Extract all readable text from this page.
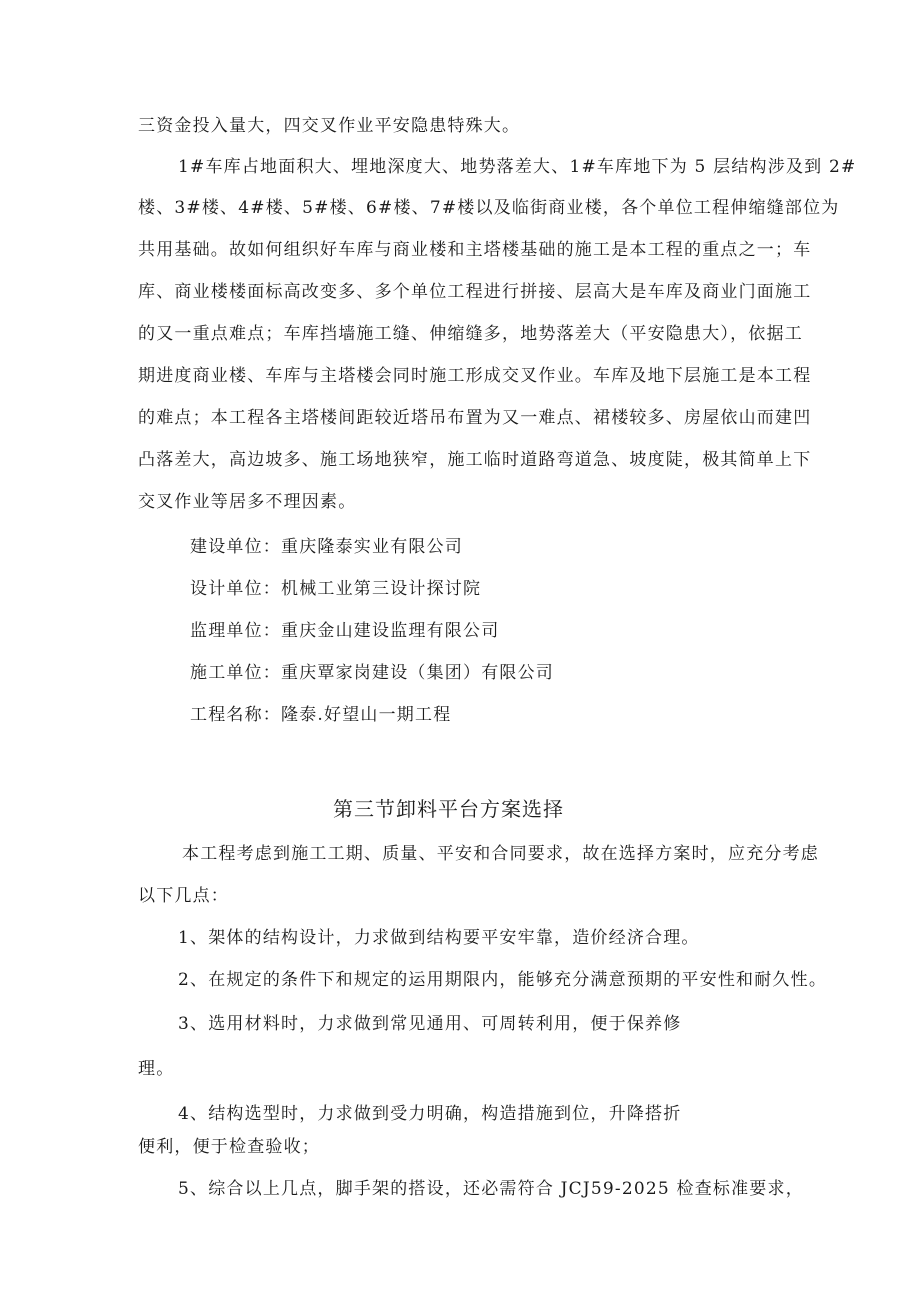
三资金投入量大，四交叉作业平安隐患特殊大。

1#车库占地面积大、埋地深度大、地势落差大、1#车库地下为 5 层结构涉及到 2#

楼、3#楼、4#楼、5#楼、6#楼、7#楼以及临街商业楼，各个单位工程伸缩缝部位为

共用基础。故如何组织好车库与商业楼和主塔楼基础的施工是本工程的重点之一；车

库、商业楼楼面标高改变多、多个单位工程进行拼接、层高大是车库及商业门面施工

的又一重点难点；车库挡墙施工缝、伸缩缝多，地势落差大（平安隐患大），依据工

期进度商业楼、车库与主塔楼会同时施工形成交叉作业。车库及地下层施工是本工程

的难点；本工程各主塔楼间距较近塔吊布置为又一难点、裙楼较多、房屋依山而建凹

凸落差大，高边坡多、施工场地狭窄，施工临时道路弯道急、坡度陡，极其简单上下

交叉作业等居多不理因素。

建设单位：重庆隆泰实业有限公司

设计单位：机械工业第三设计探讨院

监理单位：重庆金山建设监理有限公司

施工单位：重庆覃家岗建设（集团）有限公司

工程名称：隆泰.好望山一期工程

第三节卸料平台方案选择

本工程考虑到施工工期、质量、平安和合同要求，故在选择方案时，应充分考虑

以下几点：

1、架体的结构设计，力求做到结构要平安牢靠，造价经济合理。

2、在规定的条件下和规定的运用期限内，能够充分满意预期的平安性和耐久性。

3、选用材料时，力求做到常见通用、可周转利用，便于保养修

理。

4、结构选型时，力求做到受力明确，构造措施到位，升降搭折

便利，便于检查验收；

5、综合以上几点，脚手架的搭设，还必需符合 JCJ59-2025 检查标准要求，
